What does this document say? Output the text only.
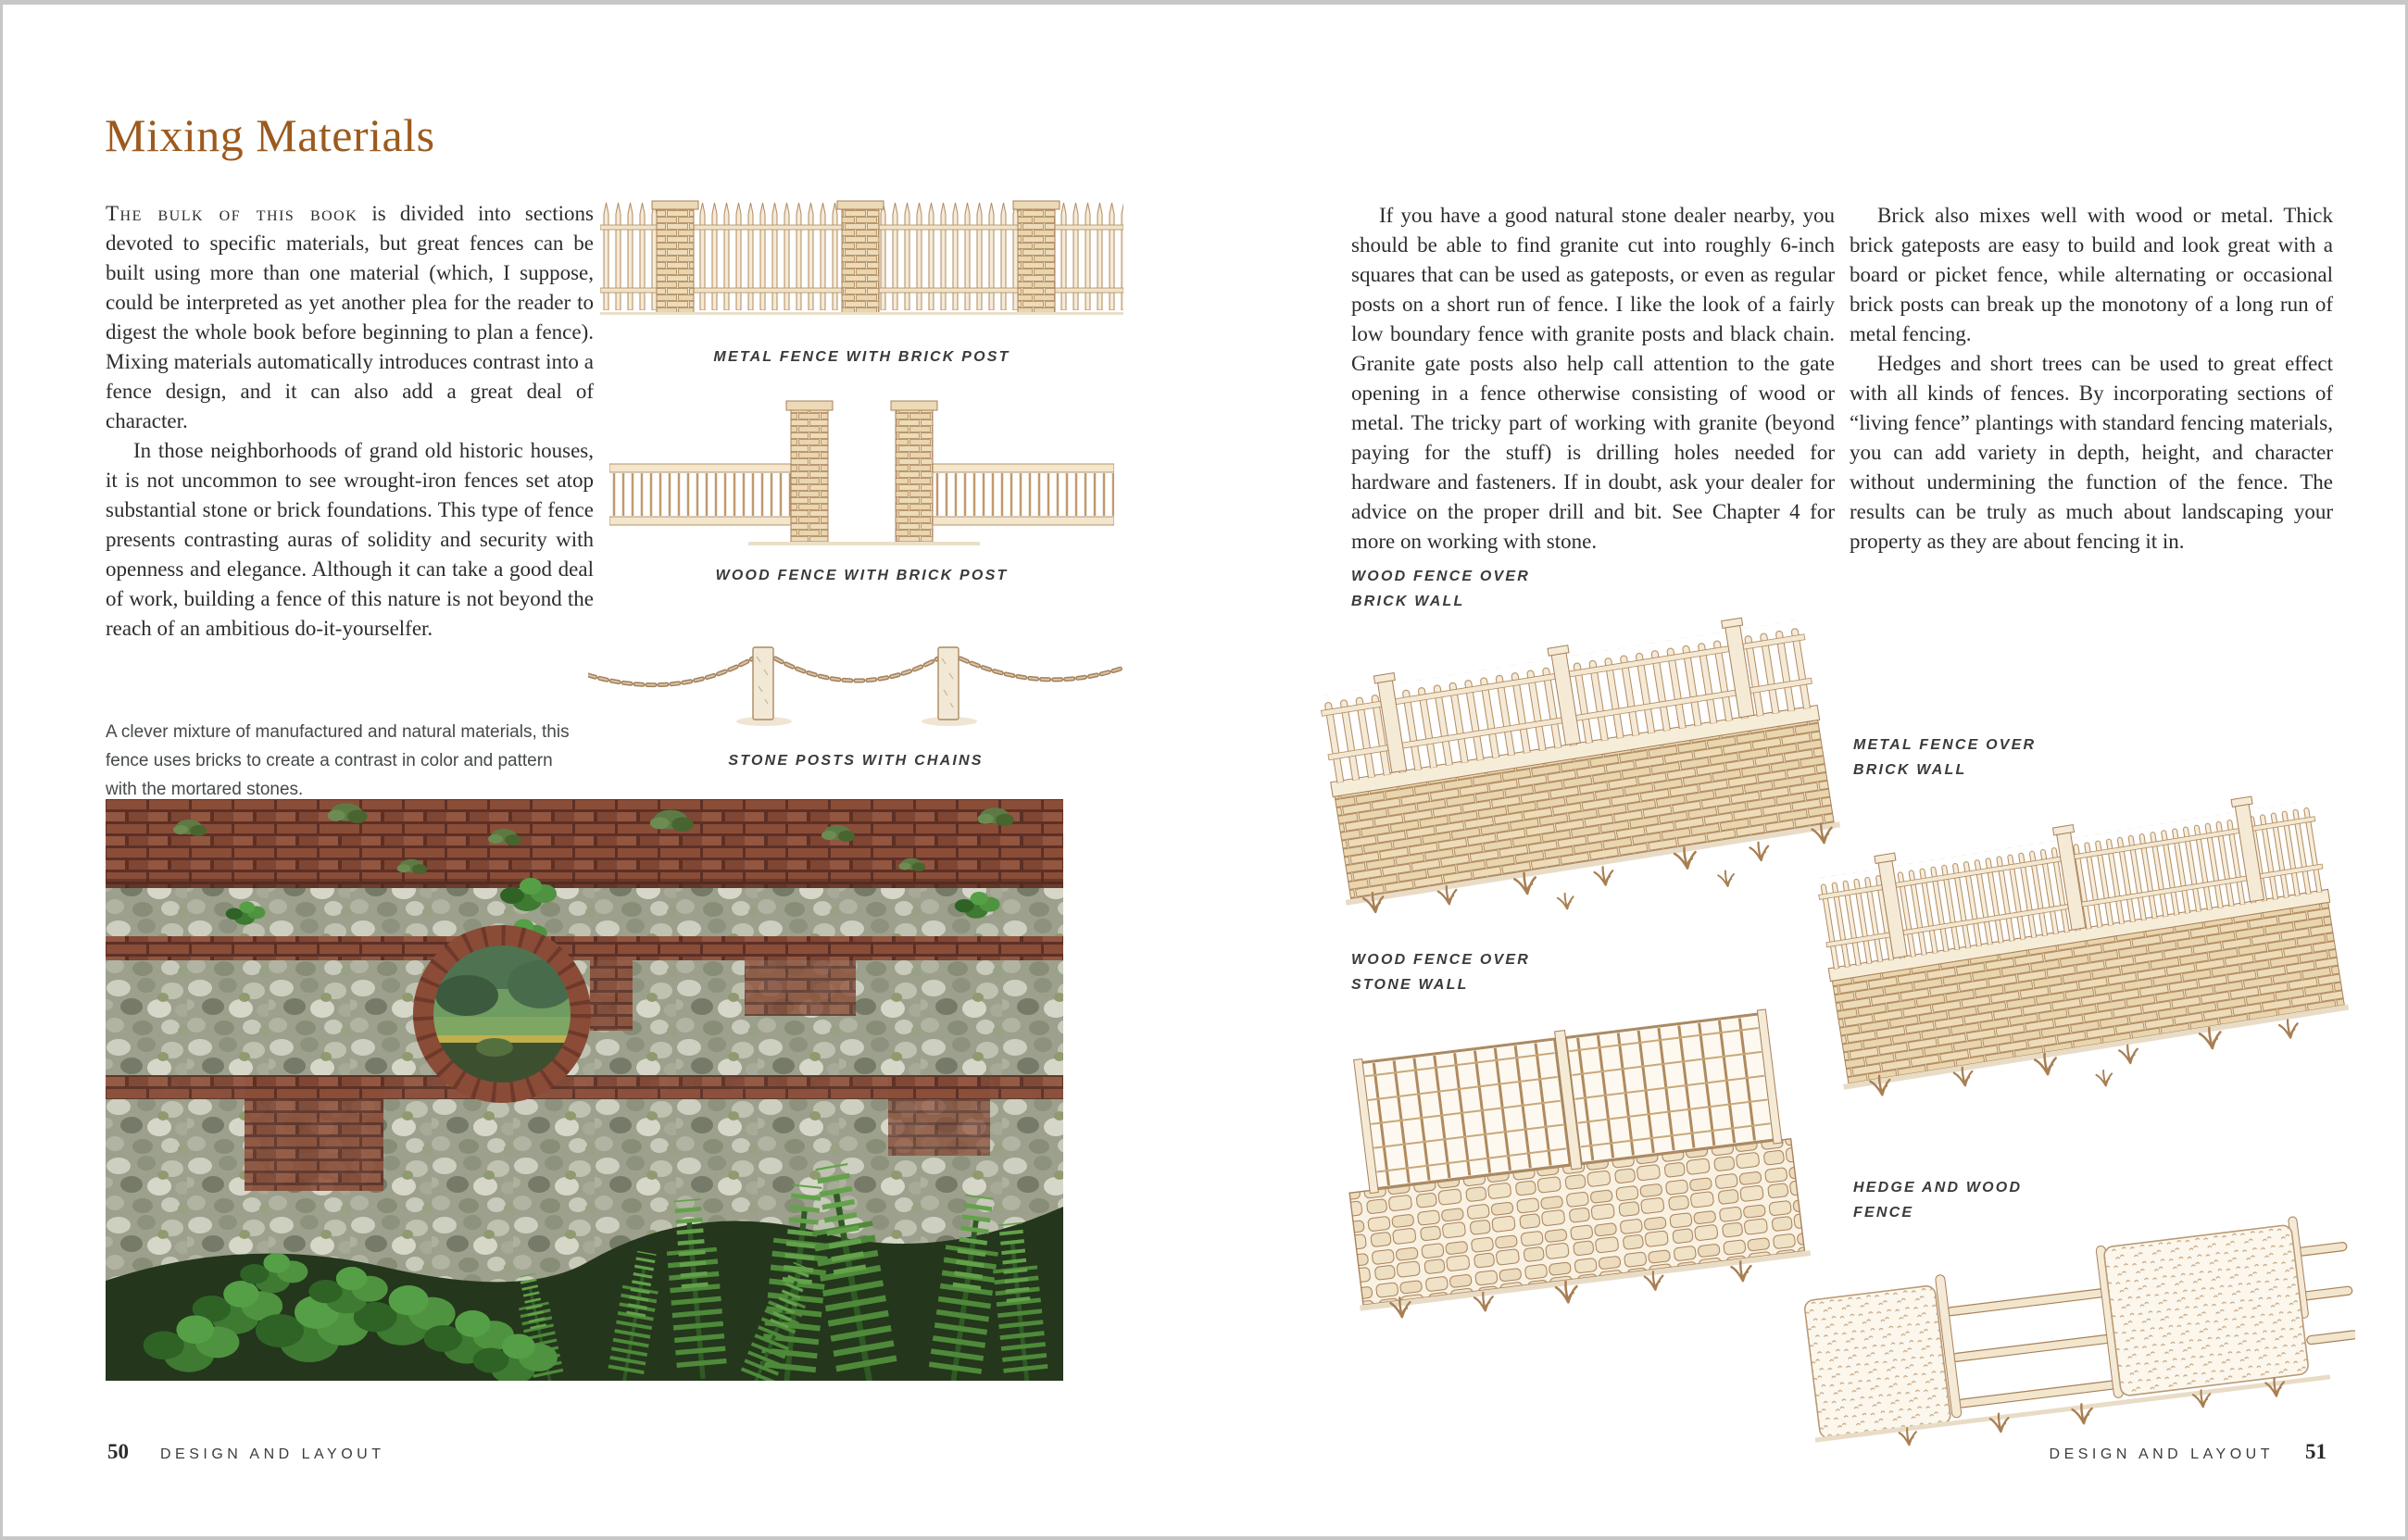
Mixing Materials

The bulk of this book is divided into sections devoted to specific materials, but great fences can be built using more than one material (which, I suppose, could be interpreted as yet another plea for the reader to digest the whole book before beginning to plan a fence). Mixing materials automatically introduces contrast into a fence design, and it can also add a great deal of character.

In those neighborhoods of grand old historic houses, it is not uncommon to see wrought-iron fences set atop substantial stone or brick foundations. This type of fence presents contrasting auras of solidity and security with openness and elegance. Although it can take a good deal of work, building a fence of this nature is not beyond the reach of an ambitious do-it-yourselfer.

METAL FENCE WITH BRICK POST
WOOD FENCE WITH BRICK POST
STONE POSTS WITH CHAINS

A clever mixture of manufactured and natural materials, this fence uses bricks to create a contrast in color and pattern with the mortared stones.

50 DESIGN AND LAYOUT

If you have a good natural stone dealer nearby, you should be able to find granite cut into roughly 6-inch squares that can be used as gateposts, or even as regular posts on a short run of fence. I like the look of a fairly low boundary fence with granite posts and black chain. Granite gate posts also help call attention to the gate opening in a fence otherwise consisting of wood or metal. The tricky part of working with granite (beyond paying for the stuff) is drilling holes needed for hardware and fasteners. If in doubt, ask your dealer for advice on the proper drill and bit. See Chapter 4 for more on working with stone.

Brick also mixes well with wood or metal. Thick brick gateposts are easy to build and look great with a board or picket fence, while alternating or occasional brick posts can break up the monotony of a long run of metal fencing.

Hedges and short trees can be used to great effect with all kinds of fences. By incorporating sections of “living fence” plantings with standard fencing materials, you can add variety in depth, height, and character without undermining the function of the fence. The results can be truly as much about landscaping your property as they are about fencing it in.

WOOD FENCE OVER
BRICK WALL
METAL FENCE OVER
BRICK WALL
WOOD FENCE OVER
STONE WALL
HEDGE AND WOOD
FENCE
DESIGN AND LAYOUT 51
